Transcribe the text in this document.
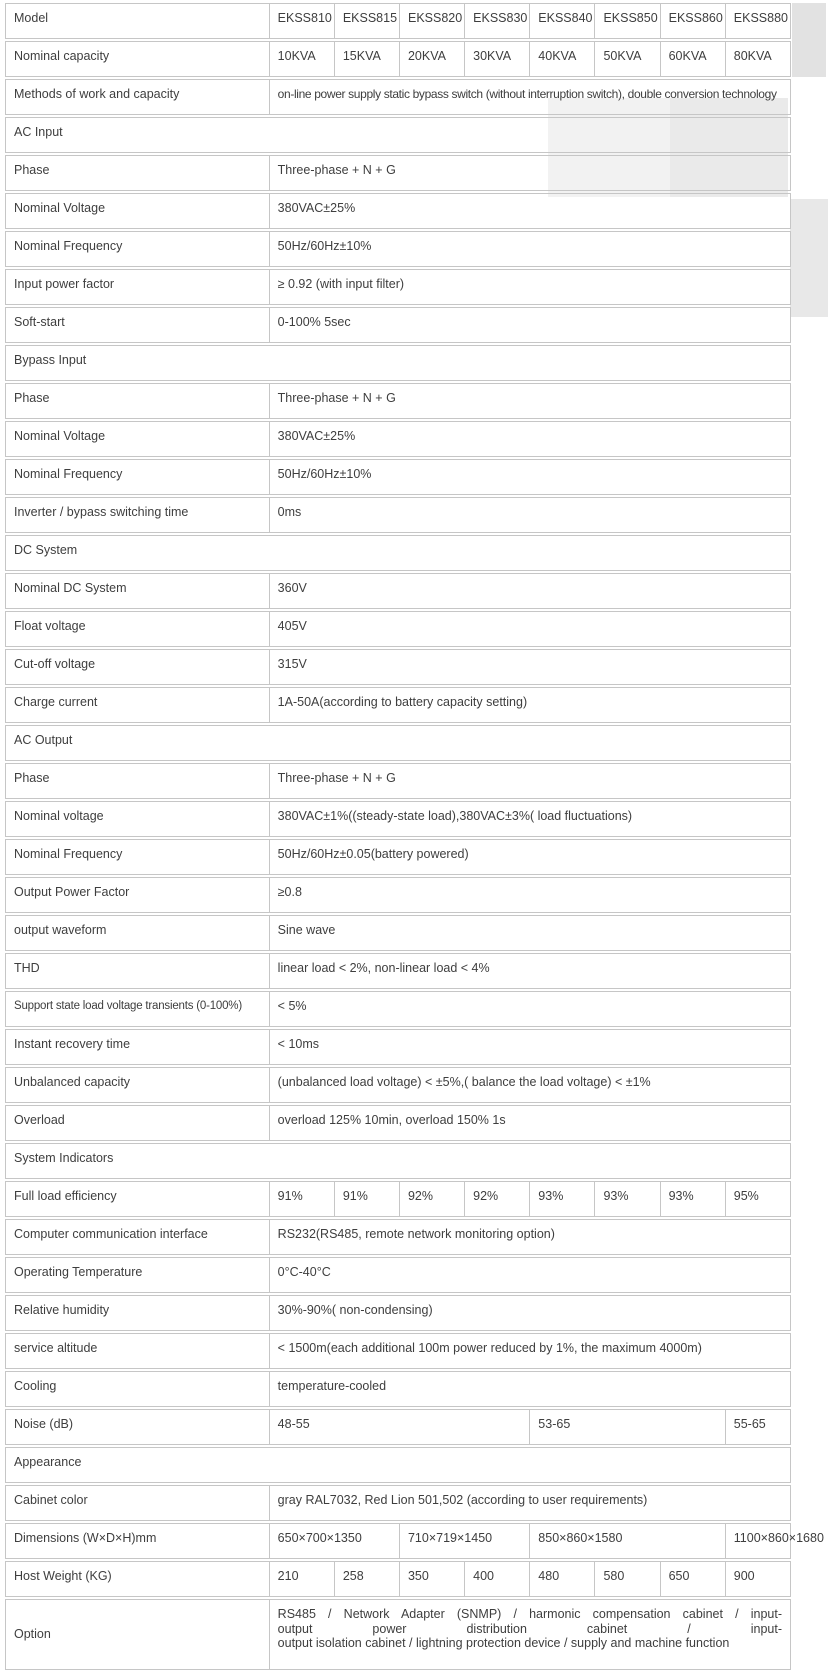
Model	EKSS810	EKSS815	EKSS820	EKSS830	EKSS840	EKSS850	EKSS860	EKSS880
Nominal capacity	10KVA	15KVA	20KVA	30KVA	40KVA	50KVA	60KVA	80KVA
Methods of work and capacity	on-line power supply static bypass switch (without interruption switch), double conversion technology							
AC Input								
Phase	Three-phase + N + G							
Nominal Voltage	380VAC±25%							
Nominal Frequency	50Hz/60Hz±10%							
Input power factor	≥ 0.92 (with input filter)							
Soft-start	0-100% 5sec							
Bypass Input								
Phase	Three-phase + N + G							
Nominal Voltage	380VAC±25%							
Nominal Frequency	50Hz/60Hz±10%							
Inverter / bypass switching time	0ms							
DC System								
Nominal DC System	360V							
Float voltage	405V							
Cut-off voltage	315V							
Charge current	1A-50A(according to battery capacity setting)							
AC Output								
Phase	Three-phase + N + G							
Nominal voltage	380VAC±1%((steady-state load),380VAC±3%( load fluctuations)							
Nominal Frequency	50Hz/60Hz±0.05(battery powered)							
Output Power Factor	≥0.8							
output waveform	Sine wave							
THD	linear load ˂ 2%, non-linear load ˂ 4%							
Support state load voltage transients (0-100%)	˂ 5%							
Instant recovery time	˂ 10ms							
Unbalanced capacity	(unbalanced load voltage) ˂ ±5%,( balance the load voltage) ˂ ±1%							
Overload	overload 125% 10min, overload 150% 1s							
System Indicators								
Full load efficiency	91%	91%	92%	92%	93%	93%	93%	95%
Computer communication interface	RS232(RS485, remote network monitoring option)							
Operating Temperature	0°C-40°C							
Relative humidity	30%-90%( non-condensing)							
service altitude	˂ 1500m(each additional 100m power reduced by 1%, the maximum 4000m)							
Cooling	temperature-cooled							
Noise (dB)	48-55				53-65			55-65
Appearance								
Cabinet color	gray RAL7032, Red Lion 501,502 (according to user requirements)							
Dimensions (W×D×H)mm	650×700×1350		710×719×1450		850×860×1580			1100×860×1680
Host Weight (KG)	210	258	350	400	480	580	650	900
Option	RS485 / Network Adapter (SNMP) / harmonic compensation cabinet / input-
output power distribution cabinet / input-
output isolation cabinet / lightning protection device / supply and machine function							
